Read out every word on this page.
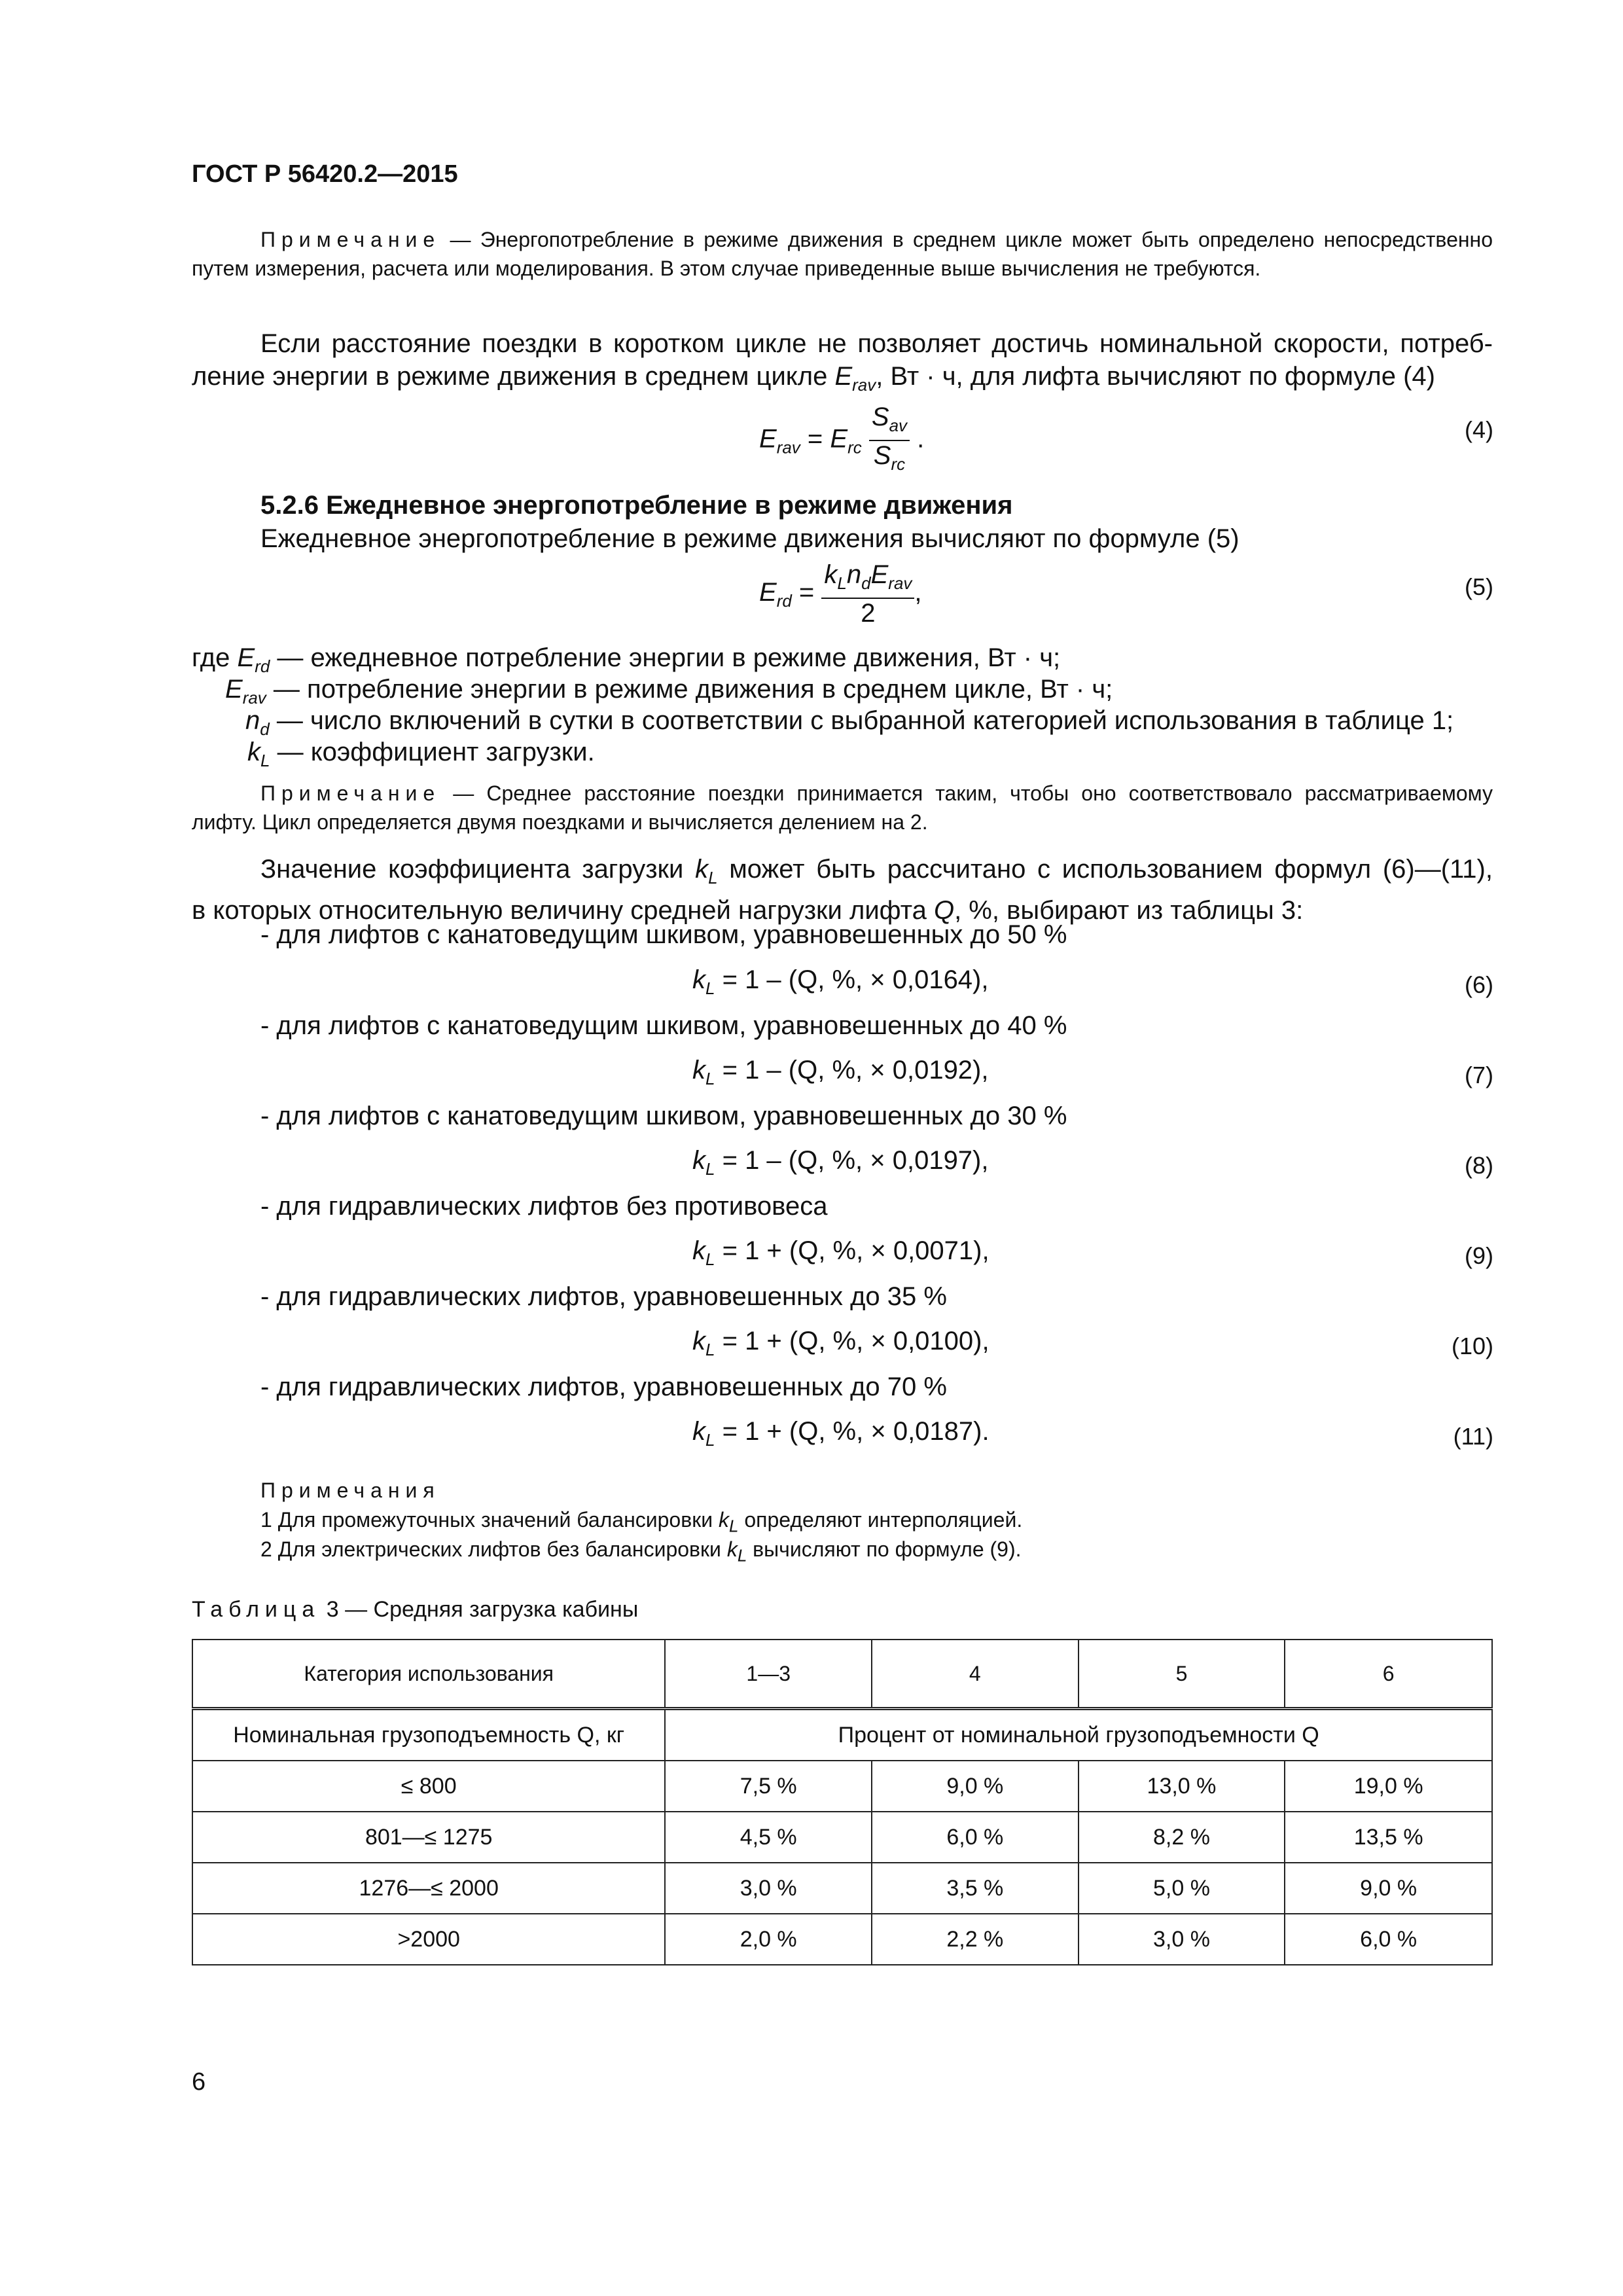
ГОСТ Р 56420.2—2015
Примечание — Энергопотребление в режиме движения в среднем цикле может быть определено непосредственно путем измерения, расчета или моделирования. В этом случае приведенные выше вычисления не требуются.
Если расстояние поездки в коротком цикле не позволяет достичь номинальной скорости, потреб-
ление энергии в режиме движения в среднем цикле $E_{rav}$, Вт · ч, для лифта вычисляют по формуле (4)
$E_{rav} = E_{rc} \frac{S_{av}}{S_{rc}}$ .	(4)
5.2.6 Ежедневное энергопотребление в режиме движения
Ежедневное энергопотребление в режиме движения вычисляют по формуле (5)
$E_{rd} = \frac{k_Ln_dE_{rav}}{2}$ ,	(5)
где $E_{rd}$ — ежедневное потребление энергии в режиме движения, Вт · ч;
$E_{rav}$ — потребление энергии в режиме движения в среднем цикле, Вт · ч;
$n_d$ — число включений в сутки в соответствии с выбранной категорией использования в таблице 1;
$k_L$ — коэффициент загрузки.
Примечание — Среднее расстояние поездки принимается таким, чтобы оно соответствовало рассматриваемому лифту. Цикл определяется двумя поездками и вычисляется делением на 2.
Значение коэффициента загрузки $k_L$ может быть рассчитано с использованием формул (6)—(11),
в которых относительную величину средней нагрузки лифта Q, %, выбирают из таблицы 3:
- для лифтов с канатоведущим шкивом, уравновешенных до 50 %
$k_L = 1 - (Q$, %, × 0,0164),	(6)
- для лифтов с канатоведущим шкивом, уравновешенных до 40 %
$k_L = 1 - (Q$, %, × 0,0192),	(7)
- для лифтов с канатоведущим шкивом, уравновешенных до 30 %
$k_L = 1 - (Q$, %, × 0,0197),	(8)
- для гидравлических лифтов без противовеса
$k_L = 1 + (Q$, %, × 0,0071),	(9)
- для гидравлических лифтов, уравновешенных до 35 %
$k_L = 1 + (Q$, %, × 0,0100),	(10)
- для гидравлических лифтов, уравновешенных до 70 %
$k_L = 1 + (Q$, %, × 0,0187).	(11)
Примечания
1 Для промежуточных значений балансировки $k_L$ определяют интерполяцией.
2 Для электрических лифтов без балансировки $k_L$ вычисляют по формуле (9).
Таблица 3 — Средняя загрузка кабины
Категория использования	1—3	4	5	6
Номинальная грузоподъемность Q, кг	Процент от номинальной грузоподъемности Q			
≤ 800	7,5 %	9,0 %	13,0 %	19,0 %
801—≤ 1275	4,5 %	6,0 %	8,2 %	13,5 %
1276—≤ 2000	3,0 %	3,5 %	5,0 %	9,0 %
>2000	2,0 %	2,2 %	3,0 %	6,0 %
6
